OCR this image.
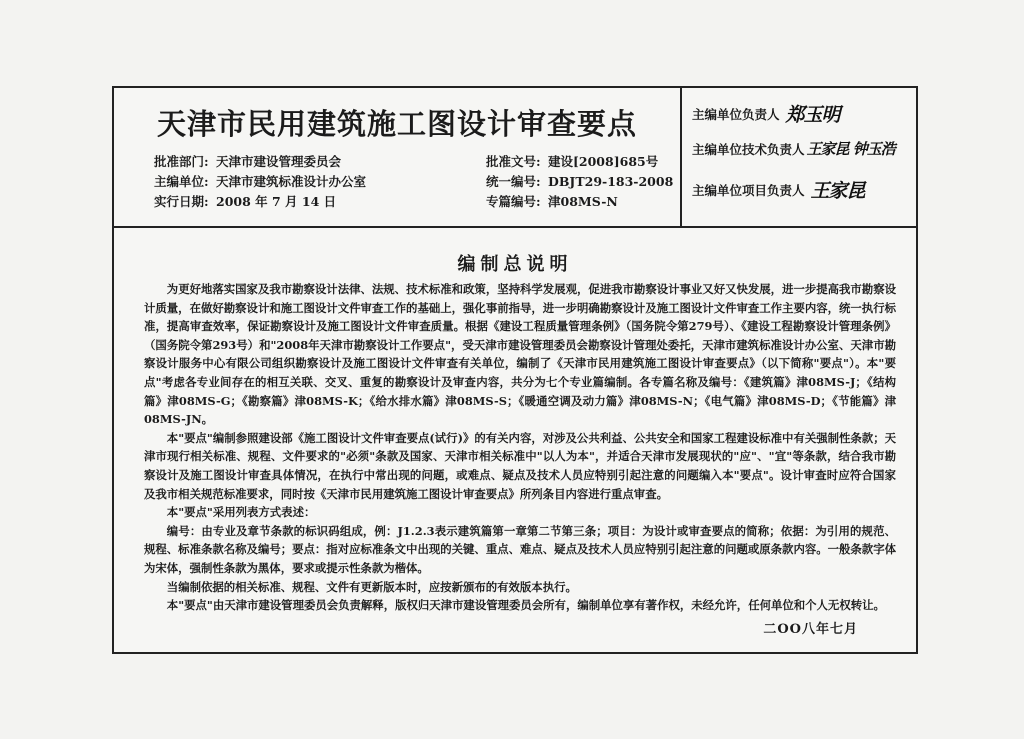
天津市民用建筑施工图设计审查要点
批准部门: 天津市建设管理委员会
主编单位: 天津市建筑标准设计办公室
实行日期: 2008 年 7 月 14 日
批准文号: 建设[2008]685号
统一编号: DBJT29-183-2008
专篇编号: 津08MS-N
主编单位负责人 郑玉明
主编单位技术负责人 王家昆 钟玉浩
主编单位项目负责人 王家昆
编制总说明

为更好地落实国家及我市勘察设计法律、法规、技术标准和政策，坚持科学发展观，促进我市勘察设计事业又好又快发展，进一步提高我市勘察设计质量，在做好勘察设计和施工图设计文件审查工作的基础上，强化事前指导，进一步明确勘察设计及施工图设计文件审查工作主要内容，统一执行标准，提高审查效率，保证勘察设计及施工图设计文件审查质量。根据《建设工程质量管理条例》（国务院令第279号）、《建设工程勘察设计管理条例》（国务院令第293号）和"2008年天津市勘察设计工作要点"，受天津市建设管理委员会勘察设计管理处委托，天津市建筑标准设计办公室、天津市勘察设计服务中心有限公司组织勘察设计及施工图设计文件审查有关单位，编制了《天津市民用建筑施工图设计审查要点》（以下简称"要点"）。本"要点"考虑各专业间存在的相互关联、交叉、重复的勘察设计及审查内容，共分为七个专业篇编制。各专篇名称及编号：《建筑篇》津08MS-J；《结构篇》津08MS-G；《勘察篇》津08MS-K；《给水排水篇》津08MS-S；《暖通空调及动力篇》津08MS-N；《电气篇》津08MS-D；《节能篇》津08MS-JN。

本"要点"编制参照建设部《施工图设计文件审查要点(试行)》的有关内容，对涉及公共利益、公共安全和国家工程建设标准中有关强制性条款；天津市现行相关标准、规程、文件要求的"必须"条款及国家、天津市相关标准中"以人为本"，并适合天津市发展现状的"应"、"宜"等条款，结合我市勘察设计及施工图设计审查具体情况，在执行中常出现的问题，或难点、疑点及技术人员应特别引起注意的问题编入本"要点"。设计审查时应符合国家及我市相关规范标准要求，同时按《天津市民用建筑施工图设计审查要点》所列条目内容进行重点审查。

本"要点"采用列表方式表述：

编号：由专业及章节条款的标识码组成，例：J1.2.3表示建筑篇第一章第二节第三条；项目：为设计或审查要点的简称；依据：为引用的规范、规程、标准条款名称及编号；要点：指对应标准条文中出现的关键、重点、难点、疑点及技术人员应特别引起注意的问题或原条款内容。一般条款字体为宋体，强制性条款为黑体，要求或提示性条款为楷体。

当编制依据的相关标准、规程、文件有更新版本时，应按新颁布的有效版本执行。

本"要点"由天津市建设管理委员会负责解释，版权归天津市建设管理委员会所有，编制单位享有著作权，未经允许，任何单位和个人无权转让。

二OO八年七月
